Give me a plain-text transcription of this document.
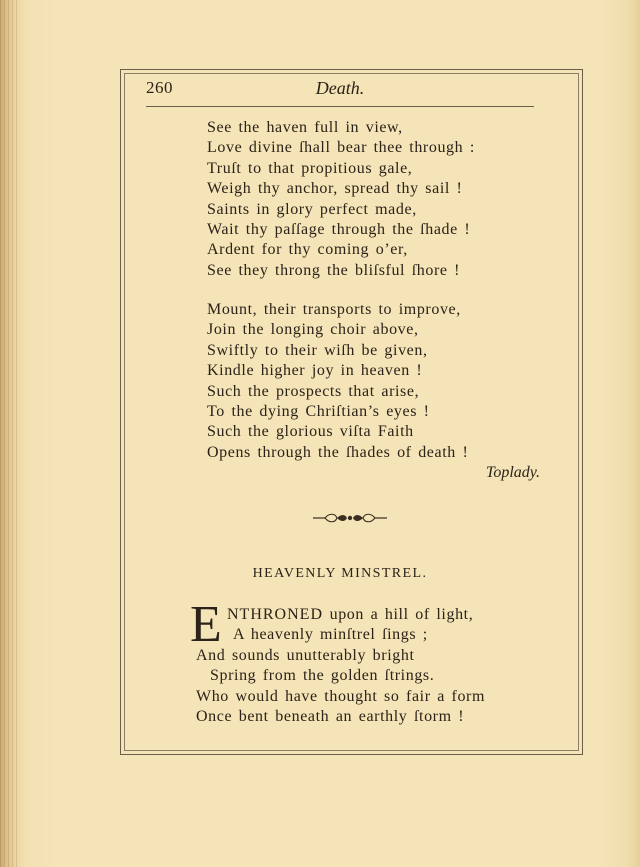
260	Death.
See the haven full in view,
Love divine ſhall bear thee through :
Truſt to that propitious gale,
Weigh thy anchor, spread thy sail !
Saints in glory perfect made,
Wait thy paſſage through the ſhade !
Ardent for thy coming o’er,
See they throng the bliſsful ſhore !
Mount, their transports to improve,
Join the longing choir above,
Swiftly to their wiſh be given,
Kindle higher joy in heaven !
Such the prospects that arise,
To the dying Chriſtian’s eyes !
Such the glorious viſta Faith
Opens through the ſhades of death !
Toplady.
HEAVENLY MINSTREL.
E NTHRONED upon a hill of light,
A heavenly minſtrel ſings ;
And sounds unutterably bright
Spring from the golden ſtrings.
Who would have thought so fair a form
Once bent beneath an earthly ſtorm !
